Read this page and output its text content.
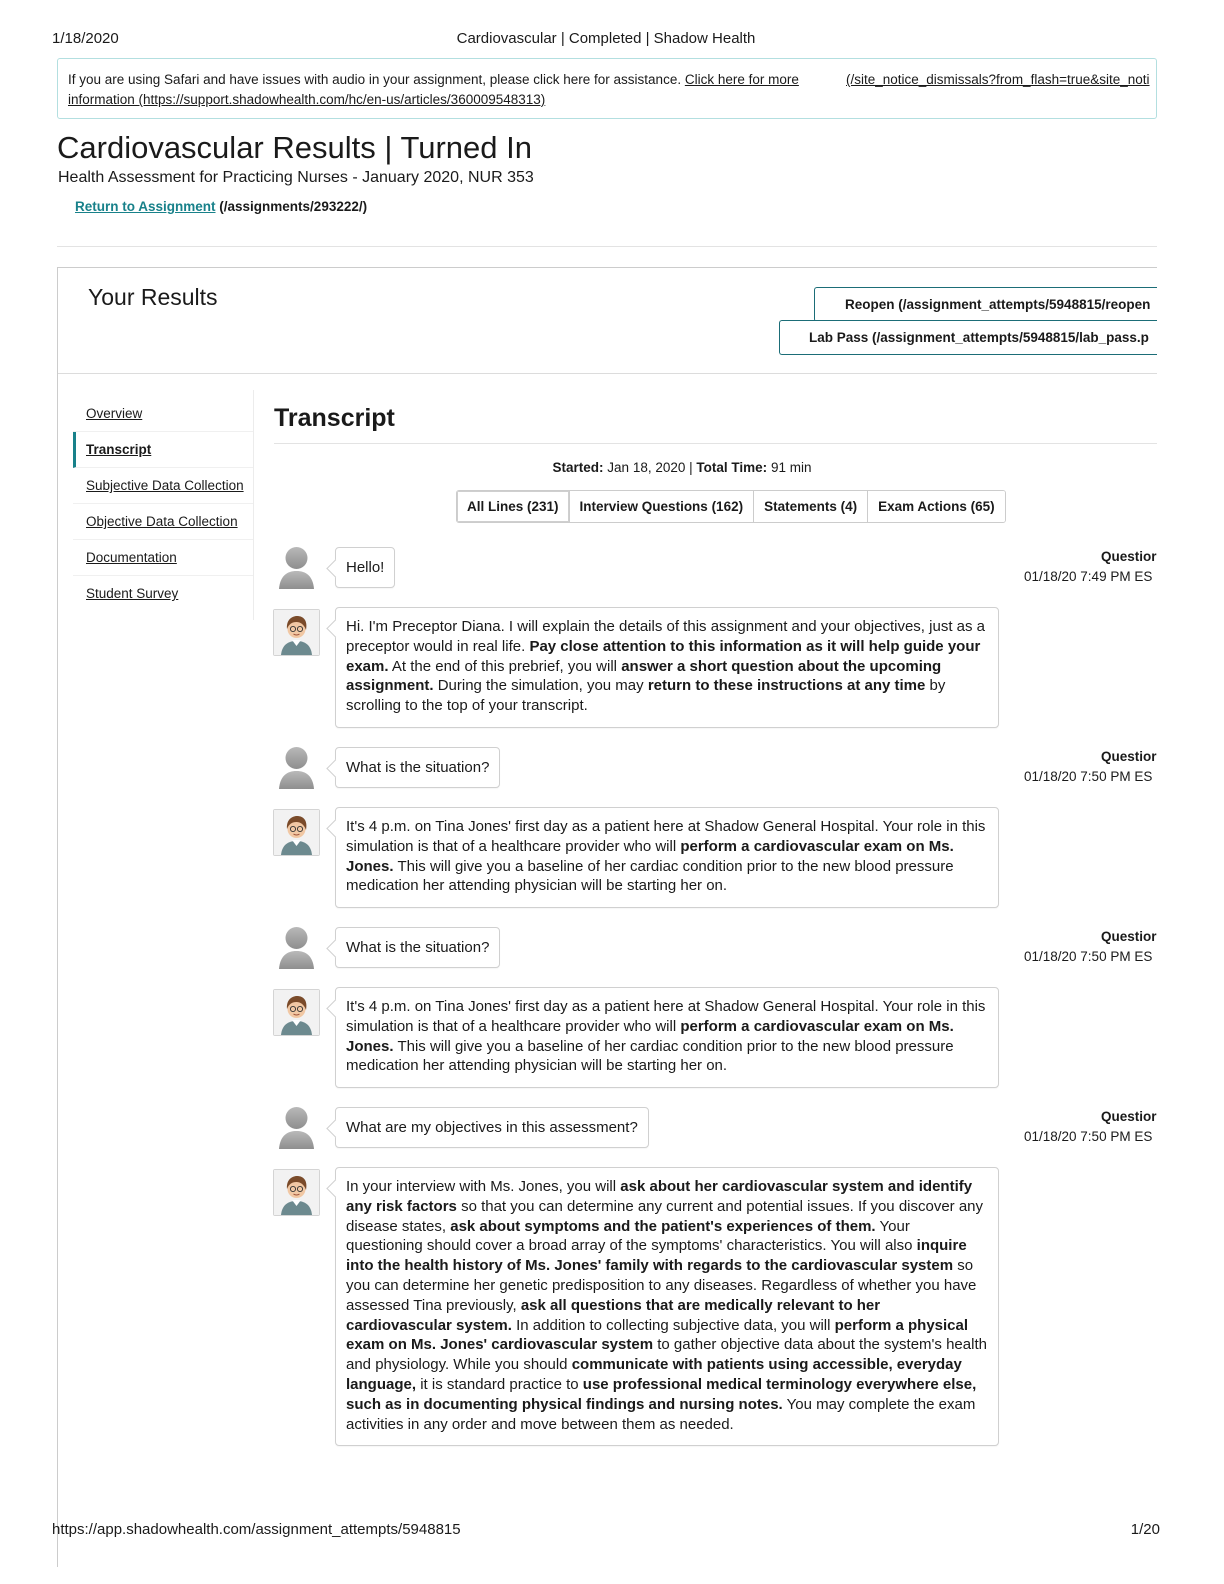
1/18/2020	Cardiovascular | Completed | Shadow Health
If you are using Safari and have issues with audio in your assignment, please click here for assistance. Click here for more	(/site_notice_dismissals?from_flash=true&site_noti

information (https://support.shadowhealth.com/hc/en-us/articles/360009548313)
Cardiovascular Results | Turned In
Health Assessment for Practicing Nurses - January 2020, NUR 353
Return to Assignment (/assignments/293222/)
Your Results	Reopen (/assignment_attempts/5948815/reopen
Lab Pass (/assignment_attempts/5948815/lab_pass.p
Overview
Transcript
Subjective Data Collection
Objective Data Collection
Documentation
Student Survey
Transcript
Started: Jan 18, 2020 | Total Time: 91 min
All Lines (231)	Interview Questions (162)	Statements (4)	Exam Actions (65)
Hello!
Questior
01/18/20 7:49 PM ES
Hi. I'm Preceptor Diana. I will explain the details of this assignment and your objectives, just as a preceptor would in real life. Pay close attention to this information as it will help guide your exam. At the end of this prebrief, you will answer a short question about the upcoming assignment. During the simulation, you may return to these instructions at any time by scrolling to the top of your transcript.
What is the situation?
Questior
01/18/20 7:50 PM ES
It's 4 p.m. on Tina Jones' first day as a patient here at Shadow General Hospital. Your role in this simulation is that of a healthcare provider who will perform a cardiovascular exam on Ms. Jones. This will give you a baseline of her cardiac condition prior to the new blood pressure medication her attending physician will be starting her on.
What is the situation?
Questior
01/18/20 7:50 PM ES
It's 4 p.m. on Tina Jones' first day as a patient here at Shadow General Hospital. Your role in this simulation is that of a healthcare provider who will perform a cardiovascular exam on Ms. Jones. This will give you a baseline of her cardiac condition prior to the new blood pressure medication her attending physician will be starting her on.
What are my objectives in this assessment?
Questior
01/18/20 7:50 PM ES
In your interview with Ms. Jones, you will ask about her cardiovascular system and identify any risk factors so that you can determine any current and potential issues. If you discover any disease states, ask about symptoms and the patient's experiences of them. Your questioning should cover a broad array of the symptoms' characteristics. You will also inquire into the health history of Ms. Jones' family with regards to the cardiovascular system so you can determine her genetic predisposition to any diseases. Regardless of whether you have assessed Tina previously, ask all questions that are medically relevant to her cardiovascular system. In addition to collecting subjective data, you will perform a physical exam on Ms. Jones' cardiovascular system to gather objective data about the system's health and physiology. While you should communicate with patients using accessible, everyday language, it is standard practice to use professional medical terminology everywhere else, such as in documenting physical findings and nursing notes. You may complete the exam activities in any order and move between them as needed.
https://app.shadowhealth.com/assignment_attempts/5948815	1/20
